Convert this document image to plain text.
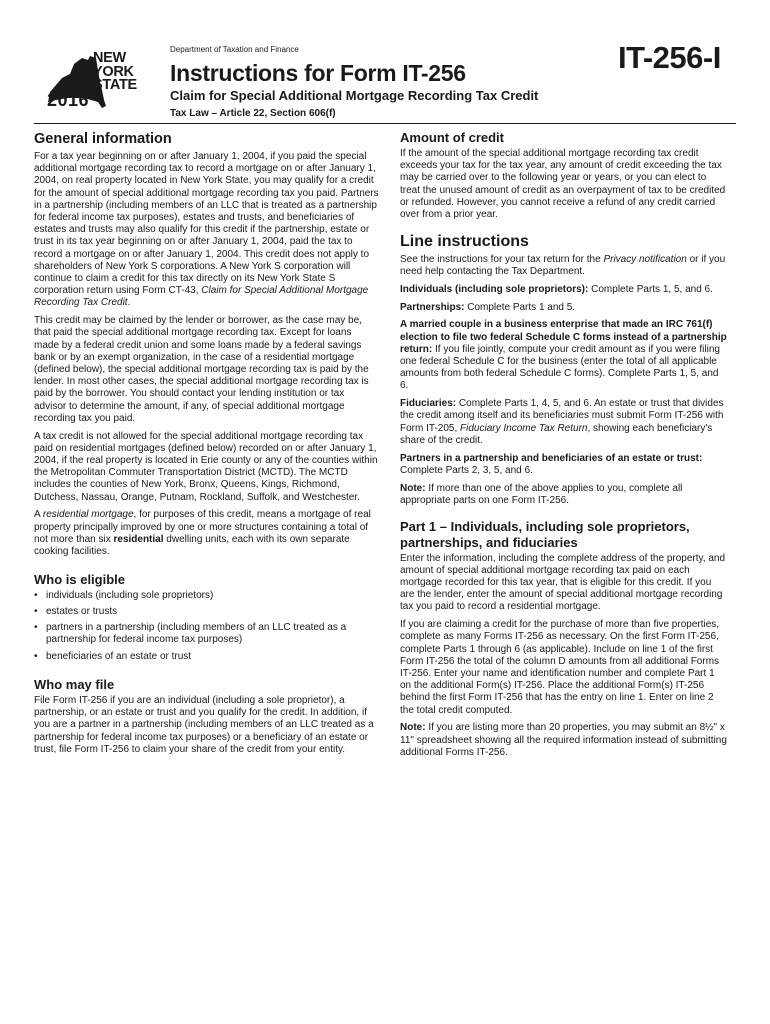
NEW
YORK
STATE
2016
Department of Taxation and Finance
Instructions for Form IT-256	IT-256-I
Claim for Special Additional Mortgage Recording Tax Credit
Tax Law – Article 22, Section 606(f)
General information

For a tax year beginning on or after January 1, 2004, if you paid the special additional mortgage recording tax to record a mortgage on or after January 1, 2004, on real property located in New York State, you may qualify for a credit for the amount of special additional mortgage recording tax you paid. Partners in a partnership (including members of an LLC that is treated as a partnership for federal income tax purposes), estates and trusts, and beneficiaries of estates and trusts may also qualify for this credit if the partnership, estate or trust in its tax year beginning on or after January 1, 2004, paid the tax to record a mortgage on or after January 1, 2004. This credit does not apply to shareholders of New York S corporations. A New York S corporation will continue to claim a credit for this tax directly on its New York State S corporation return using Form CT-43, Claim for Special Additional Mortgage Recording Tax Credit.

This credit may be claimed by the lender or borrower, as the case may be, that paid the special additional mortgage recording tax. Except for loans made by a federal credit union and some loans made by a federal savings bank or by an exempt organization, in the case of a residential mortgage (defined below), the special additional mortgage recording tax is paid by the lender. In most other cases, the special additional mortgage recording tax is paid by the borrower. You should contact your lending institution or tax advisor to determine the amount, if any, of special additional mortgage recording tax you paid.

A tax credit is not allowed for the special additional mortgage recording tax paid on residential mortgages (defined below) recorded on or after January 1, 2004, if the real property is located in Erie county or any of the counties within the Metropolitan Commuter Transportation District (MCTD). The MCTD includes the counties of New York, Bronx, Queens, Kings, Richmond, Dutchess, Nassau, Orange, Putnam, Rockland, Suffolk, and Westchester.

A residential mortgage, for purposes of this credit, means a mortgage of real property principally improved by one or more structures containing a total of not more than six residential dwelling units, each with its own separate cooking facilities.

Who is eligible
• individuals (including sole proprietors)
• estates or trusts
• partners in a partnership (including members of an LLC treated as a partnership for federal income tax purposes)
• beneficiaries of an estate or trust
Who may file

File Form IT-256 if you are an individual (including a sole proprietor), a partnership, or an estate or trust and you qualify for the credit. In addition, if you are a partner in a partnership (including members of an LLC treated as a partnership for federal income tax purposes) or a beneficiary of an estate or trust, file Form IT-256 to claim your share of the credit from your entity.

Amount of credit

If the amount of the special additional mortgage recording tax credit exceeds your tax for the tax year, any amount of credit exceeding the tax may be carried over to the following year or years, or you can elect to treat the unused amount of credit as an overpayment of tax to be credited or refunded. However, you cannot receive a refund of any credit carried over from a prior year.

Line instructions

See the instructions for your tax return for the Privacy notification or if you need help contacting the Tax Department.

Individuals (including sole proprietors): Complete Parts 1, 5, and 6.

Partnerships: Complete Parts 1 and 5.

A married couple in a business enterprise that made an IRC 761(f) election to file two federal Schedule C forms instead of a partnership return: If you file jointly, compute your credit amount as if you were filing one federal Schedule C for the business (enter the total of all applicable amounts from both federal Schedule C forms). Complete Parts 1, 5, and 6.

Fiduciaries: Complete Parts 1, 4, 5, and 6. An estate or trust that divides the credit among itself and its beneficiaries must submit Form IT-256 with Form IT-205, Fiduciary Income Tax Return, showing each beneficiary's share of the credit.

Partners in a partnership and beneficiaries of an estate or trust: Complete Parts 2, 3, 5, and 6.

Note: If more than one of the above applies to you, complete all appropriate parts on one Form IT-256.

Part 1 – Individuals, including sole proprietors, partnerships, and fiduciaries

Enter the information, including the complete address of the property, and amount of special additional mortgage recording tax paid on each mortgage recorded for this tax year, that is eligible for this credit. If you are the lender, enter the amount of special additional mortgage recording tax you paid to record a residential mortgage.

If you are claiming a credit for the purchase of more than five properties, complete as many Forms IT-256 as necessary. On the first Form IT-256, complete Parts 1 through 6 (as applicable). Include on line 1 of the first Form IT-256 the total of the column D amounts from all additional Forms IT-256. Enter your name and identification number and complete Part 1 on the additional Form(s) IT-256. Place the additional Form(s) IT-256 behind the first Form IT-256 that has the entry on line 1. Enter on line 2 the total credit computed.

Note: If you are listing more than 20 properties, you may submit an 8½" x 11" spreadsheet showing all the required information instead of submitting additional Forms IT-256.
